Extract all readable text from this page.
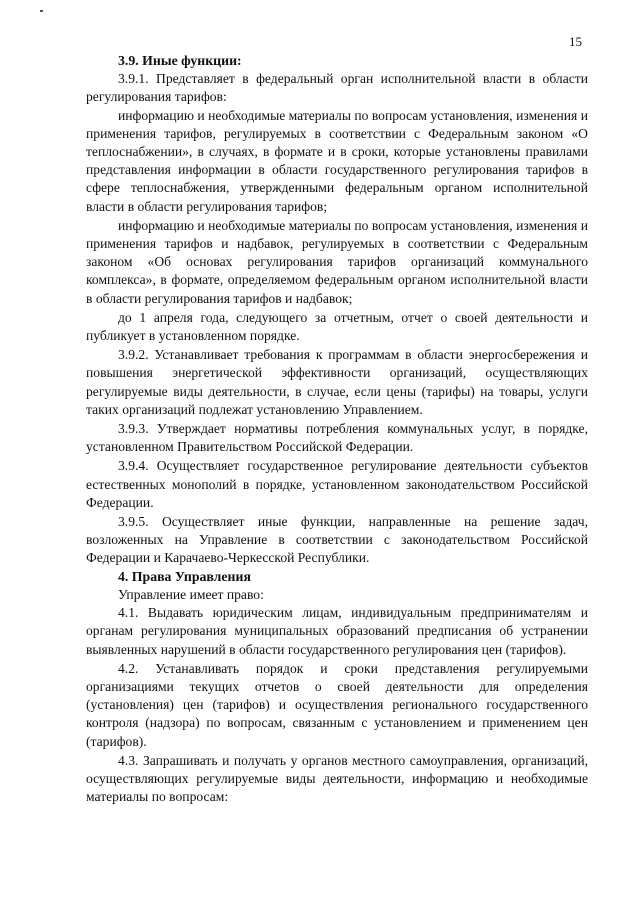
15
3.9. Иные функции:

3.9.1. Представляет в федеральный орган исполнительной власти в области регулирования тарифов:

информацию и необходимые материалы по вопросам установления, изменения и применения тарифов, регулируемых в соответствии с Федеральным законом «О теплоснабжении», в случаях, в формате и в сроки, которые установлены правилами представления информации в области государственного регулирования тарифов в сфере теплоснабжения, утвержденными федеральным органом исполнительной власти в области регулирования тарифов;

информацию и необходимые материалы по вопросам установления, изменения и применения тарифов и надбавок, регулируемых в соответствии с Федеральным законом «Об основах регулирования тарифов организаций коммунального комплекса», в формате, определяемом федеральным органом исполнительной власти в области регулирования тарифов и надбавок;

до 1 апреля года, следующего за отчетным, отчет о своей деятельности и публикует в установленном порядке.

3.9.2. Устанавливает требования к программам в области энергосбережения и повышения энергетической эффективности организаций, осуществляющих регулируемые виды деятельности, в случае, если цены (тарифы) на товары, услуги таких организаций подлежат установлению Управлением.

3.9.3. Утверждает нормативы потребления коммунальных услуг, в порядке, установленном Правительством Российской Федерации.

3.9.4. Осуществляет государственное регулирование деятельности субъектов естественных монополий в порядке, установленном законодательством Российской Федерации.

3.9.5. Осуществляет иные функции, направленные на решение задач, возложенных на Управление в соответствии с законодательством Российской Федерации и Карачаево-Черкесской Республики.

4. Права Управления

Управление имеет право:

4.1. Выдавать юридическим лицам, индивидуальным предпринимателям и органам регулирования муниципальных образований предписания об устранении выявленных нарушений в области государственного регулирования цен (тарифов).

4.2. Устанавливать порядок и сроки представления регулируемыми организациями текущих отчетов о своей деятельности для определения (установления) цен (тарифов) и осуществления регионального государственного контроля (надзора) по вопросам, связанным с установлением и применением цен (тарифов).

4.3. Запрашивать и получать у органов местного самоуправления, организаций, осуществляющих регулируемые виды деятельности, информацию и необходимые материалы по вопросам:
